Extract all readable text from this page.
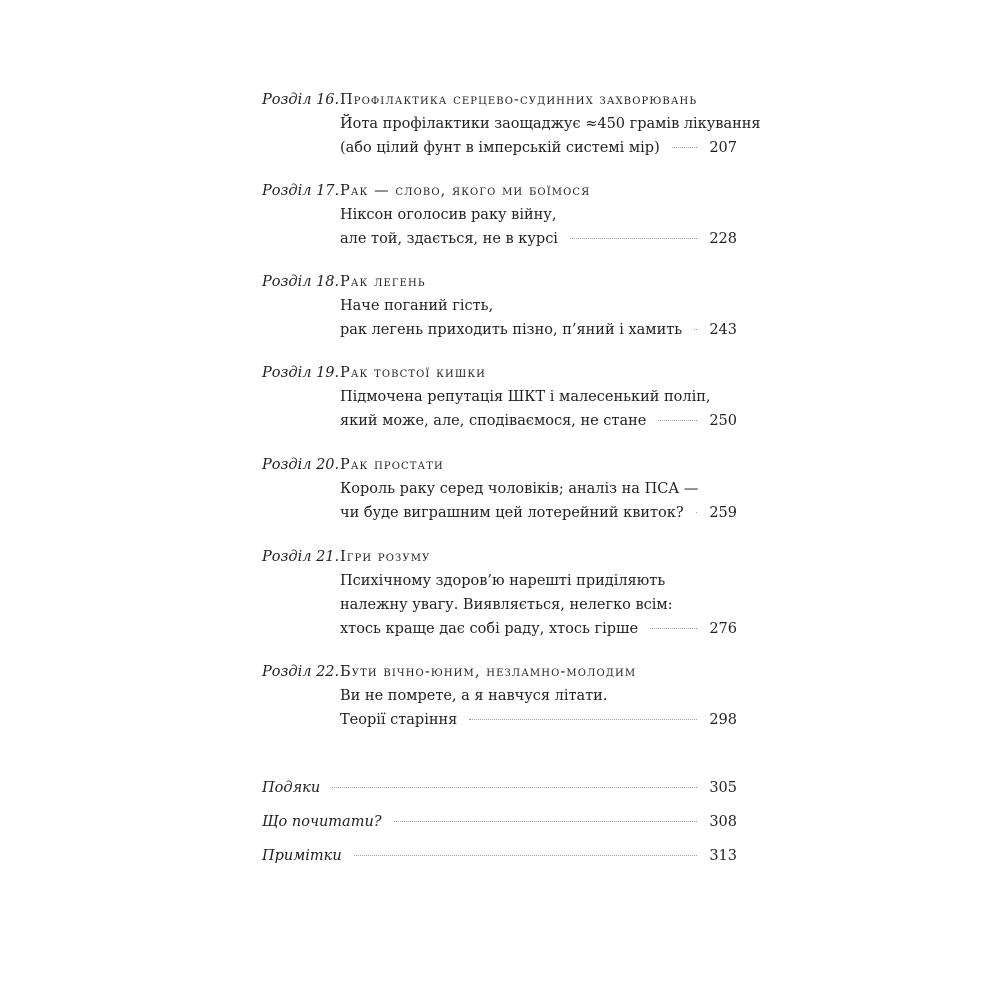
Розділ 16. Профілактика серцево-судинних захворювань
Йота профілактики заощаджує ≈450 грамів лікування
(або цілий фунт в імперській системі мір)	207
Розділ 17. Рак — слово, якого ми боїмося
Ніксон оголосив раку війну,
але той, здається, не в курсі	228
Розділ 18. Рак легень
Наче поганий гість,
рак легень приходить пізно, п’яний і хамить 243
Розділ 19. Рак товстої кишки
Підмочена репутація ШКТ і малесенький поліп,
який може, але, сподіваємося, не стане	250
Розділ 20. Рак простати
Король раку серед чоловіків; аналіз на ПСА —
чи буде виграшним цей лотерейний квиток? 259
Розділ 21. Ігри розуму
Психічному здоров’ю нарешті приділяють
належну увагу. Виявляється, нелегко всім:
хтось краще дає собі раду, хтось гірше	276
Розділ 22. Бути вічно-юним, незламно-молодим
Ви не помрете, а я навчуся літати.
Теорії старіння	298
Подяки	305
Що почитати?	308
Примітки	313
